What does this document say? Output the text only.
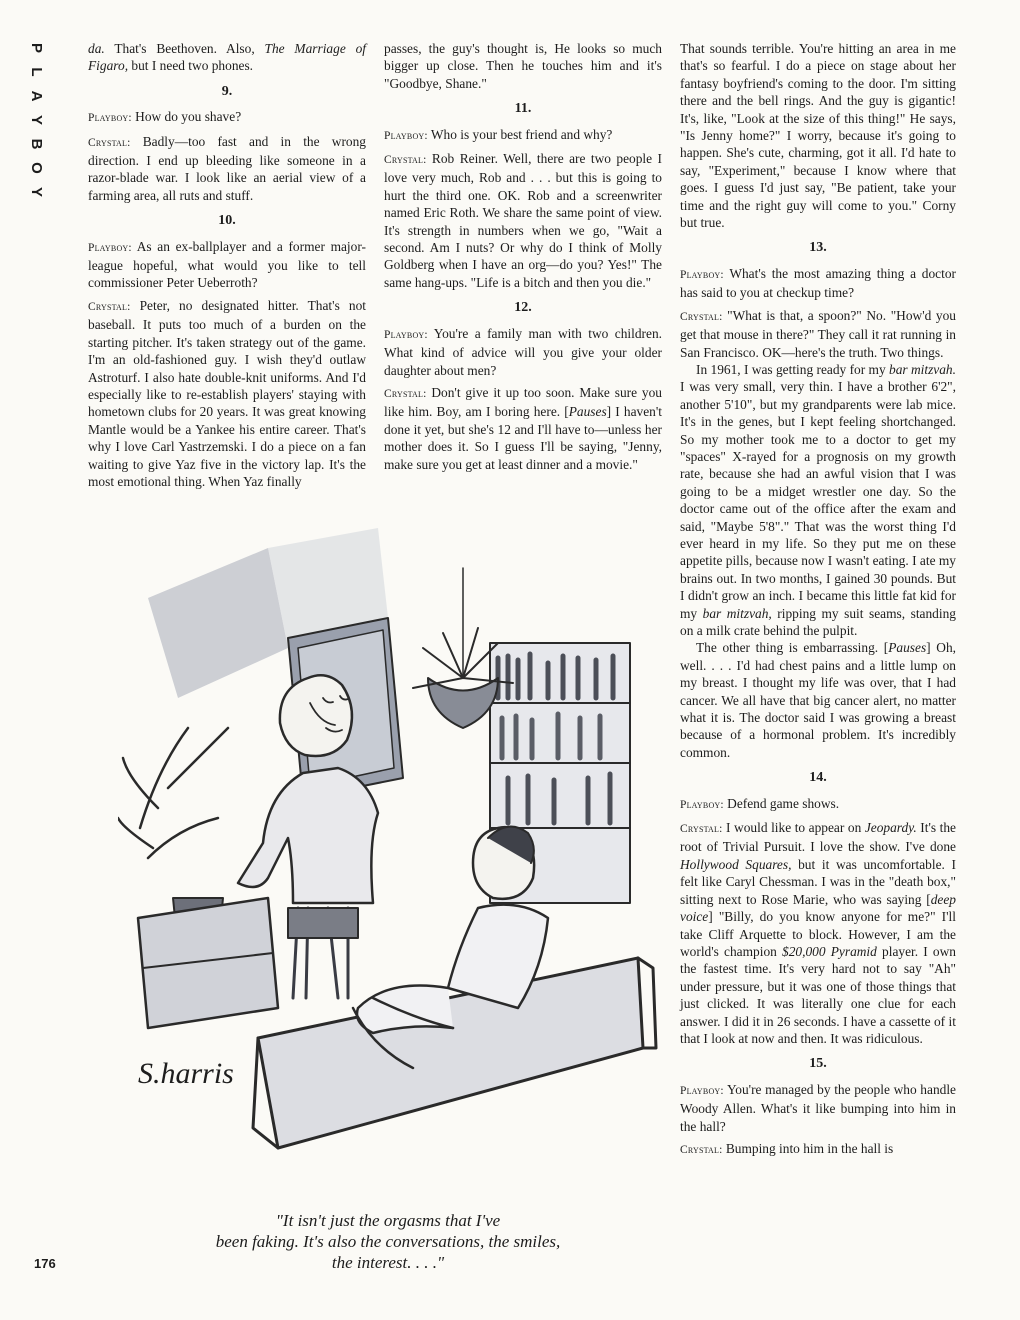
P
L
A
Y
B
O
Y

da. That's Beethoven. Also, The Marriage of Figaro, but I need two phones.

9.

Playboy: How do you shave?

Crystal: Badly—too fast and in the wrong direction. I end up bleeding like someone in a razor-blade war. I look like an aerial view of a farming area, all ruts and stuff.

10.

Playboy: As an ex-ballplayer and a former major-league hopeful, what would you like to tell commissioner Peter Ueberroth?

Crystal: Peter, no designated hitter. That's not baseball. It puts too much of a burden on the starting pitcher. It's taken strategy out of the game. I'm an old-fashioned guy. I wish they'd outlaw Astroturf. I also hate double-knit uniforms. And I'd especially like to re-establish players' staying with hometown clubs for 20 years. It was great knowing Mantle would be a Yankee his entire career. That's why I love Carl Yastrzemski. I do a piece on a fan waiting to give Yaz five in the victory lap. It's the most emotional thing. When Yaz finally

passes, the guy's thought is, He looks so much bigger up close. Then he touches him and it's "Goodbye, Shane."

11.

Playboy: Who is your best friend and why?

Crystal: Rob Reiner. Well, there are two people I love very much, Rob and . . . but this is going to hurt the third one. OK. Rob and a screenwriter named Eric Roth. We share the same point of view. It's strength in numbers when we go, "Wait a second. Am I nuts? Or why do I think of Molly Goldberg when I have an org—do you? Yes!" The same hang-ups. "Life is a bitch and then you die."

12.

Playboy: You're a family man with two children. What kind of advice will you give your older daughter about men?

Crystal: Don't give it up too soon. Make sure you like him. Boy, am I boring here. [Pauses] I haven't done it yet, but she's 12 and I'll have to—unless her mother does it. So I guess I'll be saying, "Jenny, make sure you get at least dinner and a movie."

That sounds terrible. You're hitting an area in me that's so fearful. I do a piece on stage about her fantasy boyfriend's coming to the door. I'm sitting there and the bell rings. And the guy is gigantic! It's, like, "Look at the size of this thing!" He says, "Is Jenny home?" I worry, because it's going to happen. She's cute, charming, got it all. I'd hate to say, "Experiment," because I know where that goes. I guess I'd just say, "Be patient, take your time and the right guy will come to you." Corny but true.

13.

Playboy: What's the most amazing thing a doctor has said to you at checkup time?

Crystal: "What is that, a spoon?" No. "How'd you get that mouse in there?" They call it rat running in San Francisco. OK—here's the truth. Two things.

In 1961, I was getting ready for my bar mitzvah. I was very small, very thin. I have a brother 6'2", another 5'10", but my grandparents were lab mice. It's in the genes, but I kept feeling shortchanged. So my mother took me to a doctor to get my "spaces" X-rayed for a prognosis on my growth rate, because she had an awful vision that I was going to be a midget wrestler one day. So the doctor came out of the office after the exam and said, "Maybe 5'8"." That was the worst thing I'd ever heard in my life. So they put me on these appetite pills, because now I wasn't eating. I ate my brains out. In two months, I gained 30 pounds. But I didn't grow an inch. I became this little fat kid for my bar mitzvah, ripping my suit seams, standing on a milk crate behind the pulpit.

The other thing is embarrassing. [Pauses] Oh, well. . . . I'd had chest pains and a little lump on my breast. I thought my life was over, that I had cancer. We all have that big cancer alert, no matter what it is. The doctor said I was growing a breast because of a hormonal problem. It's incredibly common.

14.

Playboy: Defend game shows.

Crystal: I would like to appear on Jeopardy. It's the root of Trivial Pursuit. I love the show. I've done Hollywood Squares, but it was uncomfortable. I felt like Caryl Chessman. I was in the "death box," sitting next to Rose Marie, who was saying [deep voice] "Billy, do you know anyone for me?" I'll take Cliff Arquette to block. However, I am the world's champion $20,000 Pyramid player. I own the fastest time. It's very hard not to say "Ah" under pressure, but it was one of those things that just clicked. It was literally one clue for each answer. I did it in 26 seconds. I have a cassette of it that I look at now and then. It was ridiculous.

15.

Playboy: You're managed by the people who handle Woody Allen. What's it like bumping into him in the hall?

Crystal: Bumping into him in the hall is

S.harris
"It isn't just the orgasms that I've
been faking. It's also the conversations, the smiles,
the interest. . . ."
176
